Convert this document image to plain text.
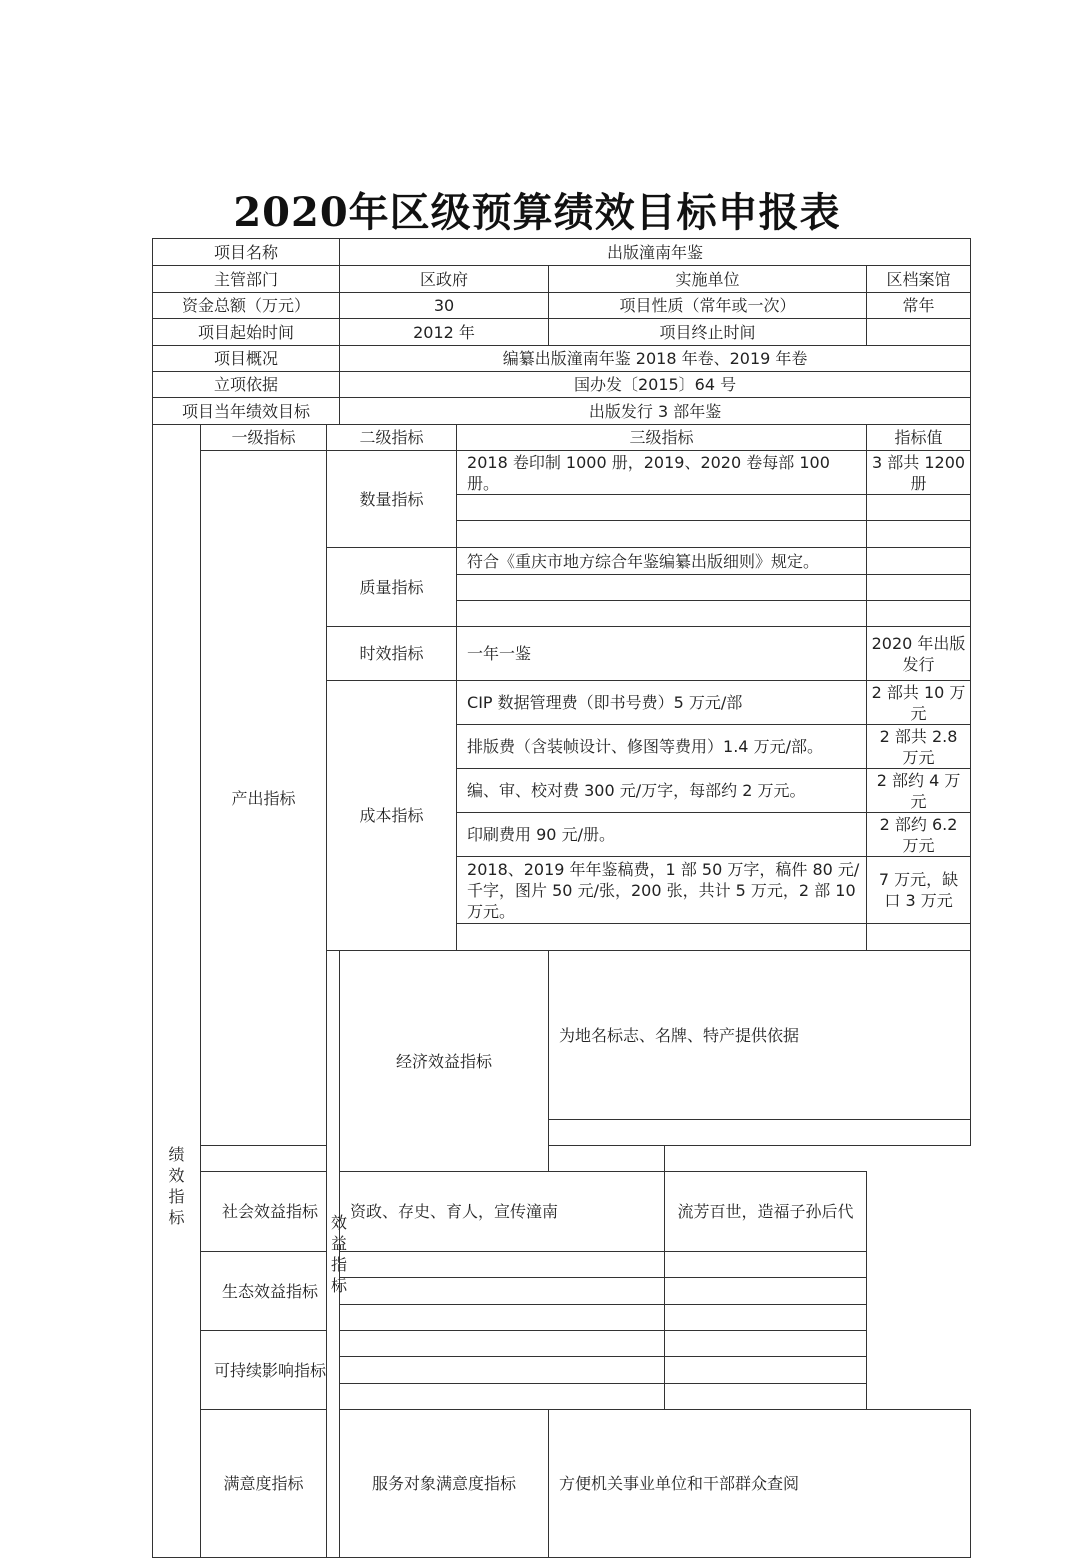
2020年区级预算绩效目标申报表
项目名称			出版潼南年鉴					
主管部门			区政府		实施单位		区档案馆	
资金总额（万元）			30		项目性质（常年或一次）		常年	
项目起始时间			2012 年		项目终止时间			
项目概况			编纂出版潼南年鉴 2018 年卷、2019 年卷					
立项依据			国办发〔2015〕64 号					
项目当年绩效目标			出版发行 3 部年鉴					

绩
效
指
标	一级指标	二级指标		三级指标			指标值	
	产出指标	数量指标		2018 卷印制 1000 册，2019、2020 卷每部 100 册。			3 部共 1200 册	

		质量指标		符合《重庆市地方综合年鉴编纂出版细则》规定。				

		时效指标		一年一鉴			2020 年出版发行	
		成本指标		CIP 数据管理费（即书号费）5 万元/部			2 部共 10 万元	
				排版费（含装帧设计、修图等费用）1.4 万元/部。			2 部共 2.8 万元	
				编、审、校对费 300 元/万字，每部约 2 万元。			2 部约 4 万元	
				印刷费用 90 元/册。			2 部约 6.2 万元	
				2018、2019 年年鉴稿费，1 部 50 万字，稿件 80 元/千字，图片 50 元/张，200 张，共计 5 万元，2 部 10 万元。			7 万元，缺口 3 万元	

		效益指标	经济效益指标		为地名标志、名牌、特产提供依据	

	社会效益指标		资政、存史、育人，宣传潼南			流芳百世，造福子孙后代		
	生态效益指标							

	可持续影响指标							

	满意度指标		服务对象满意度指标		方便机关事业单位和干部群众查阅	
